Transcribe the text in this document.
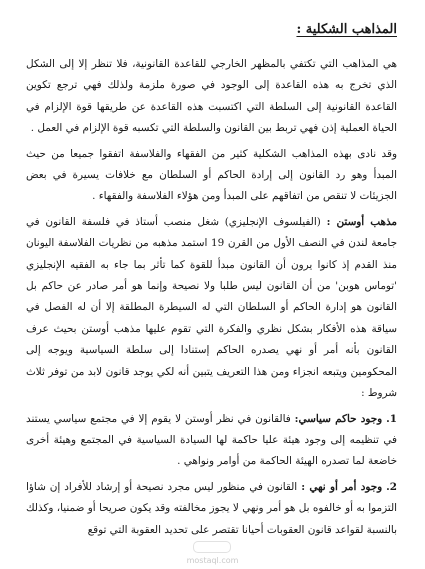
المذاهب الشكلية :

هي المذاهب التي تكتفي بالمظهر الخارجي للقاعدة القانونية، فلا تنظر إلا إلى الشكل الذي تخرج به هذه القاعدة إلى الوجود في صورة ملزمة ولذلك فهي ترجع تكوين القاعدة القانونية إلى السلطة التي اكتسبت هذه القاعدة عن طريقها قوة الإلزام في الحياة العملية إذن فهي تربط بين القانون والسلطة التي تكسبه قوة الإلزام في العمل .

وقد نادى بهذه المذاهب الشكلية كثير من الفقهاء والفلاسفة اتفقوا جميعا من حيث المبدأ وهو رد القانون إلى إرادة الحاكم أو السلطان مع خلافات يسيرة في بعض الجزيئات لا تنقص من اتفاقهم على المبدأ ومن هؤلاء الفلاسفة والفقهاء .

مذهب أوستن : (الفيلسوف الإنجليزي) شغل منصب أستاذ في فلسفة القانون في جامعة لندن في النصف الأول من القرن 19 استمد مذهبه من نظريات الفلاسفة اليونان منذ القدم إذ كانوا يرون أن القانون مبدأ للقوة كما تأثر بما جاء به الفقيه الإنجليزي 'توماس هوبن' من أن القانون ليس طلبا ولا نصيحة وإنما هو أمر صادر عن حاكم بل القانون هو إدارة الحاكم أو السلطان التي له السيطرة المطلقة إلا أن له الفصل في سياقة هذه الأفكار بشكل نظري والفكرة التي تقوم عليها مذهب أوستن بحيث عرف القانون بأنه أمر أو نهي يصدره الحاكم إستنادا إلى سلطة السياسية ويوجه إلى المحكومين ويتبعه انجزاء ومن هذا التعريف يتبين أنه لكي يوجد قانون لابد من توفر ثلاث شروط :

1. وجود حاكم سياسي: فالقانون في نظر أوستن لا يقوم إلا في مجتمع سياسي يستند في تنظيمه إلى وجود هيئة عليا حاكمة لها السيادة السياسية في المجتمع وهيئة أخرى خاضعة لما تصدره الهيئة الحاكمة من أوامر ونواهي .

2. وجود أمر أو نهي : القانون في منظور ليس مجرد نصيحة أو إرشاد للأفراد إن شاؤا التزموا به أو خالفوه بل هو أمر ونهي لا يجوز مخالفته وقد يكون صريحا أو ضمنيا، وكذلك بالنسبة لقواعد قانون العقوبات أحيانا تقتصر على تحديد العقوبة التي توقع

mostaql.com
